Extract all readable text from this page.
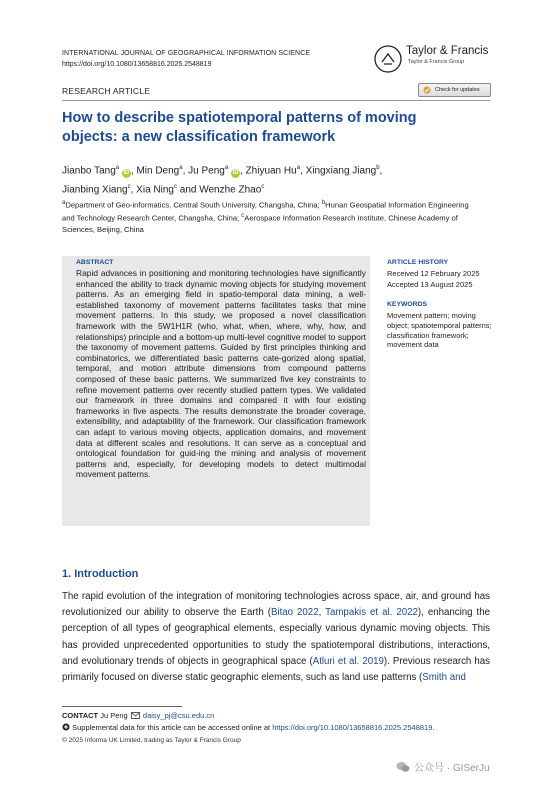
INTERNATIONAL JOURNAL OF GEOGRAPHICAL INFORMATION SCIENCE
https://doi.org/10.1080/13658816.2025.2548819
Taylor & Francis
Taylor & Francis Group
RESEARCH ARTICLE	Check for updates
How to describe spatiotemporal patterns of moving objects: a new classification framework
Jianbo Tang$^a$ iD , Min Deng$^a$, Ju Peng$^a$ iD , Zhiyuan Hu$^a$, Xingxiang Jiang$^b$,
Jianbing Xiang$^c$, Xia Ning$^c$ and Wenzhe Zhao$^c$
$^a$Department of Geo-informatics, Central South University, Changsha, China; $^b$Hunan Geospatial Information Engineering and Technology Research Center, Changsha, China; $^c$Aerospace Information Research Institute, Chinese Academy of Sciences, Beijing, China
ABSTRACT
Rapid advances in positioning and monitoring technologies have significantly enhanced the ability to track dynamic moving objects for studying movement patterns. As an emerging field in spatio-temporal data mining, a well-established taxonomy of movement patterns facilitates tasks that mine movement patterns. In this study, we proposed a novel classification framework with the 5W1H1R (who, what, when, where, why, how, and relationships) principle and a bottom-up multi-level cognitive model to support the taxonomy of movement patterns. Guided by first principles thinking and combinatorics, we differentiated basic patterns cate-gorized along spatial, temporal, and motion attribute dimensions from compound patterns composed of these basic patterns. We summarized five key constraints to refine movement patterns over recently studied pattern types. We validated our framework in three domains and compared it with four existing frameworks in five aspects. The results demonstrate the broader coverage, extensibility, and adaptability of the framework. Our classification framework can adapt to various moving objects, application domains, and movement data at different scales and resolutions. It can serve as a conceptual and ontological foundation for guid-ing the mining and analysis of movement patterns and, especially, for developing models to detect multimodal movement patterns.
ARTICLE HISTORY
Received 12 February 2025
Accepted 13 August 2025
KEYWORDS
Movement pattern; moving object; spatiotemporal patterns; classification framework; movement data
1. Introduction
The rapid evolution of the integration of monitoring technologies across space, air, and ground has revolutionized our ability to observe the Earth (Bitao 2022, Tampakis et al. 2022), enhancing the perception of all types of geographical elements, especially various dynamic moving objects. This has provided unprecedented opportunities to study the spatiotemporal distributions, interactions, and evolutionary trends of objects in geographical space (Atluri et al. 2019). Previous research has primarily focused on diverse static geographic elements, such as land use patterns (Smith and
CONTACT Ju Peng daisy_pj@csu.edu.cn
Supplemental data for this article can be accessed online at https://doi.org/10.1080/13658816.2025.2548819.
© 2025 Informa UK Limited, trading as Taylor & Francis Group
公众号 · GISerJu
